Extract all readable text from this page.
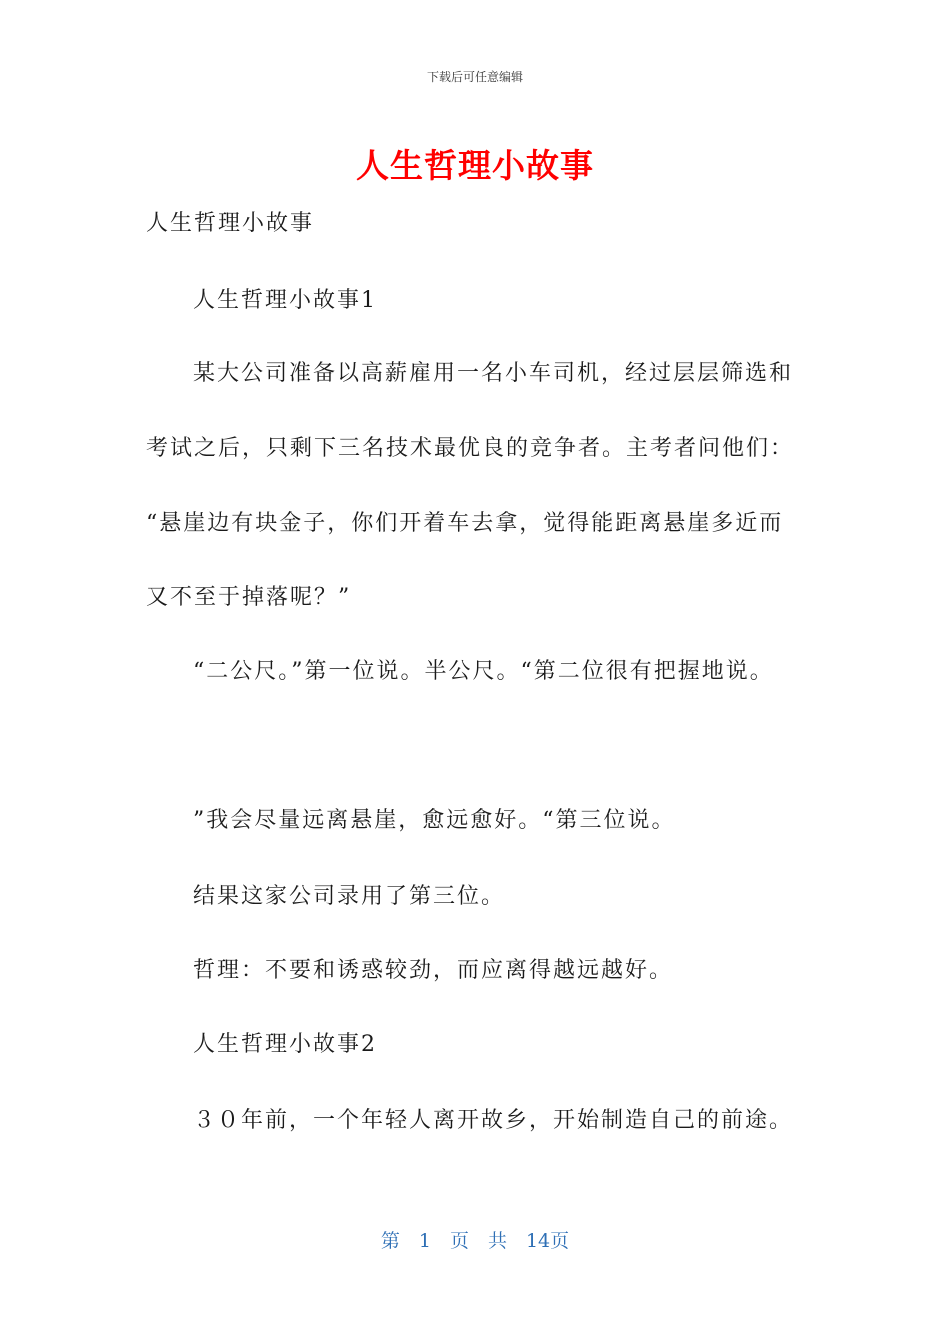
下载后可任意编辑
人生哲理小故事
人生哲理小故事
人生哲理小故事1
某大公司准备以高薪雇用一名小车司机，经过层层筛选和
考试之后，只剩下三名技术最优良的竞争者。主考者问他们：
“悬崖边有块金子，你们开着车去拿，觉得能距离悬崖多近而
又不至于掉落呢？”
“二公尺。”第一位说。半公尺。“第二位很有把握地说。
”我会尽量远离悬崖，愈远愈好。“第三位说。
结果这家公司录用了第三位。
哲理：不要和诱惑较劲，而应离得越远越好。
人生哲理小故事2
３０年前，一个年轻人离开故乡，开始制造自己的前途。
第　1　页　共　14页
